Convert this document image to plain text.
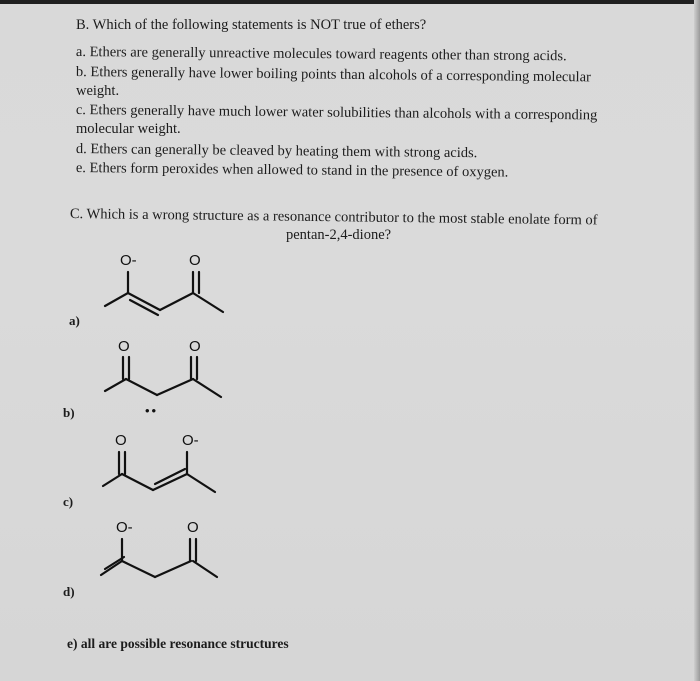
B. Which of the following statements is NOT true of ethers?
a. Ethers are generally unreactive molecules toward reagents other than strong acids.
b. Ethers generally have lower boiling points than alcohols of a corresponding molecular
weight.
c. Ethers generally have much lower water solubilities than alcohols with a corresponding
molecular weight.
d. Ethers can generally be cleaved by heating them with strong acids.
e. Ethers form peroxides when allowed to stand in the presence of oxygen.
C. Which is a wrong structure as a resonance contributor to the most stable enolate form of
pentan-2,4-dione?
a)
O-	O
b)
O	O
••
c)
O	O-
d)
O-	O
e) all are possible resonance structures
